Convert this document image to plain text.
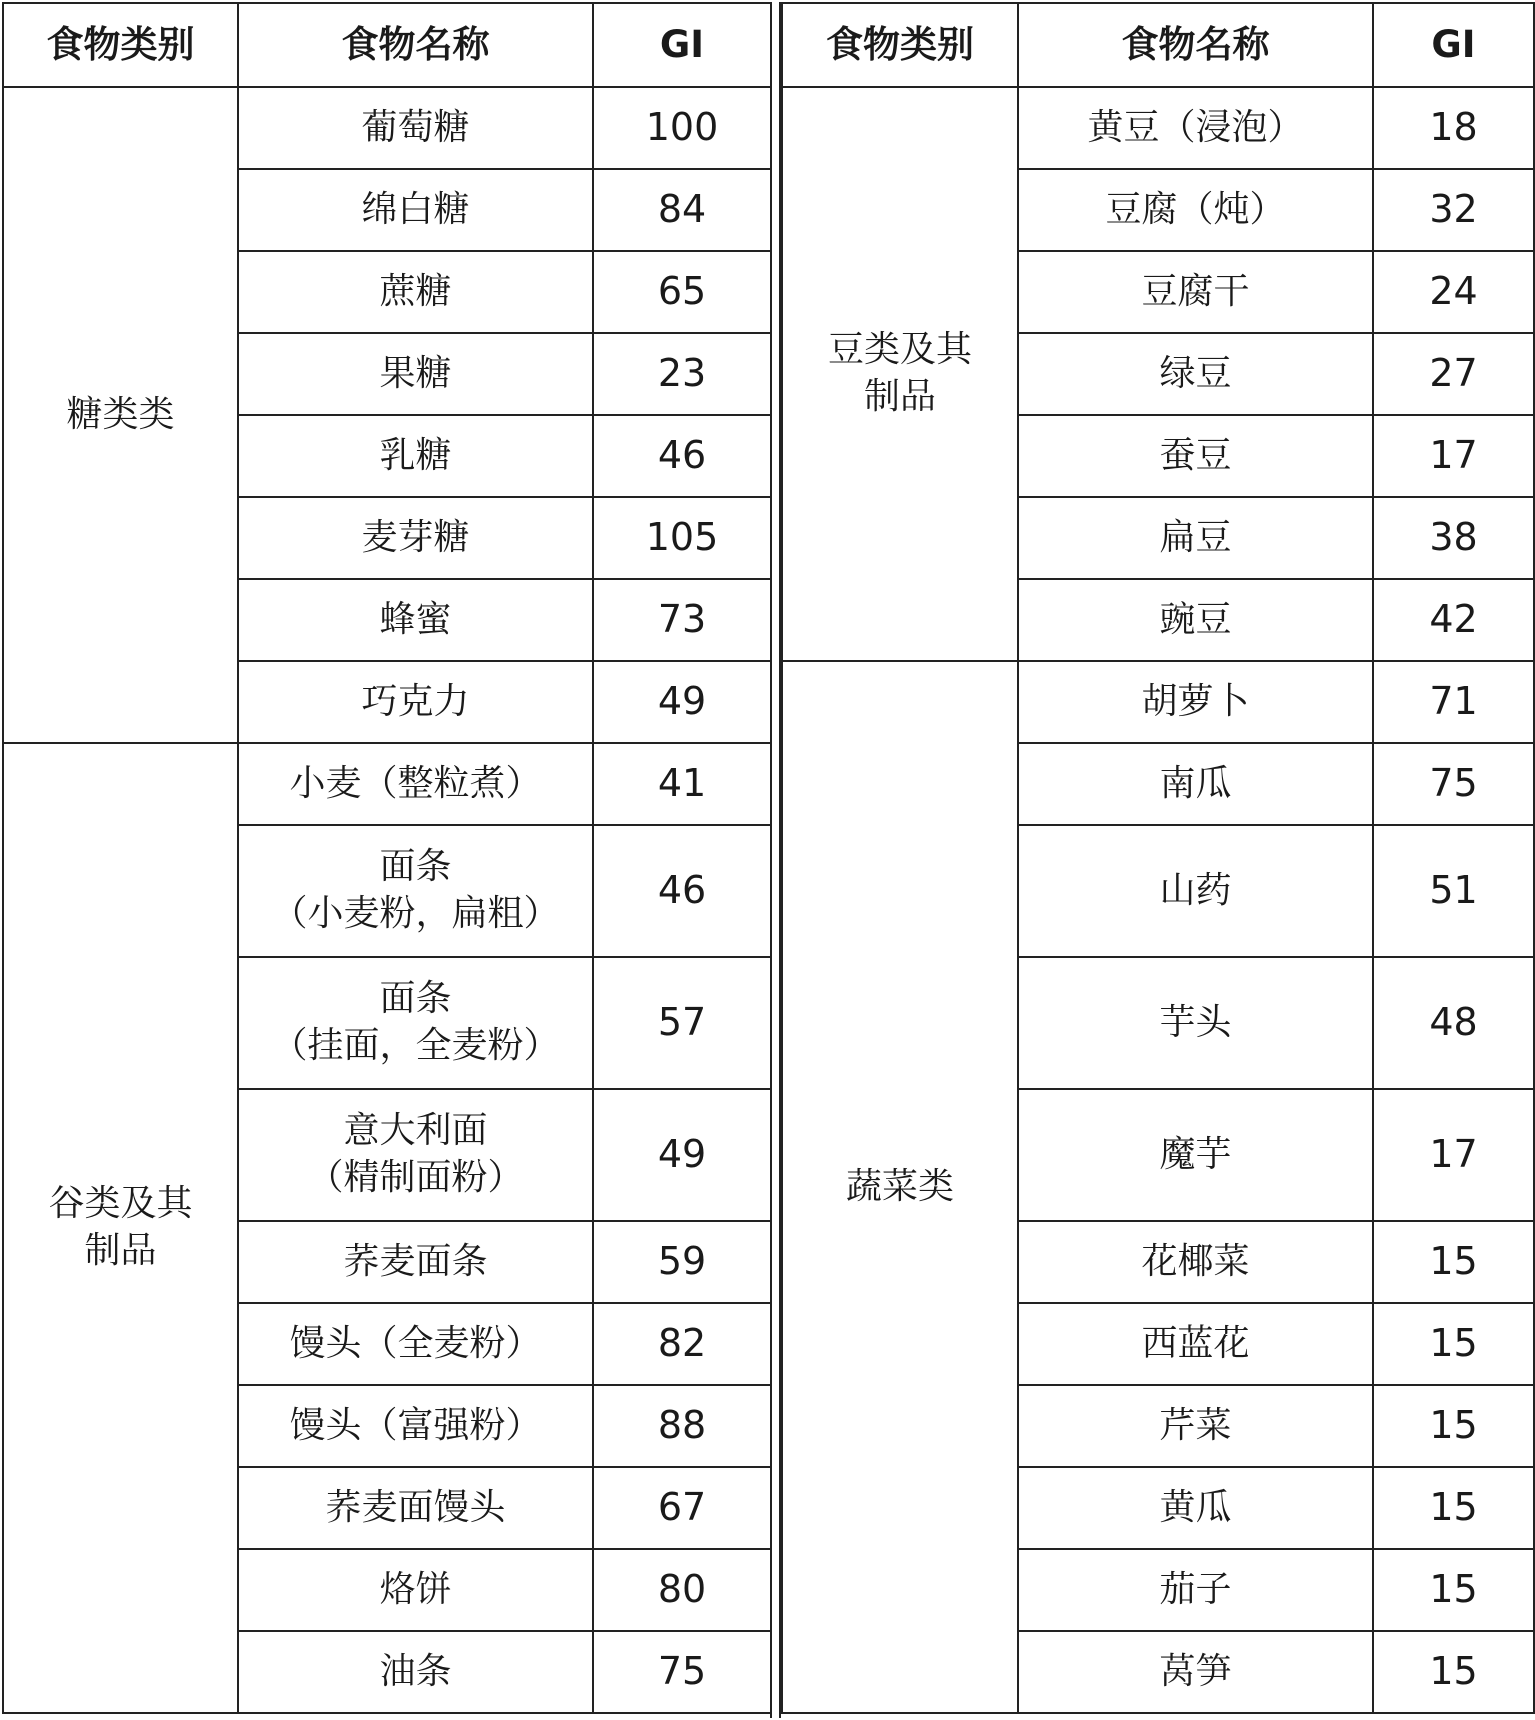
食物类别	食物名称	GI
糖类类	葡萄糖	100
	绵白糖	84
	蔗糖	65
	果糖	23
	乳糖	46
	麦芽糖	105
	蜂蜜	73
	巧克力	49
谷类及其
制品	小麦（整粒煮）	41
	面条
（小麦粉，扁粗）	46
	面条
（挂面，全麦粉）	57
	意大利面
（精制面粉）	49
	荞麦面条	59
	馒头（全麦粉）	82
	馒头（富强粉）	88
	荞麦面馒头	67
	烙饼	80
	油条	75
食物类别	食物名称	GI
豆类及其
制品	黄豆（浸泡）	18
	豆腐（炖）	32
	豆腐干	24
	绿豆	27
	蚕豆	17
	扁豆	38
	豌豆	42
蔬菜类	胡萝卜	71
	南瓜	75
	山药	51
	芋头	48
	魔芋	17
	花椰菜	15
	西蓝花	15
	芹菜	15
	黄瓜	15
	茄子	15
	莴笋	15
